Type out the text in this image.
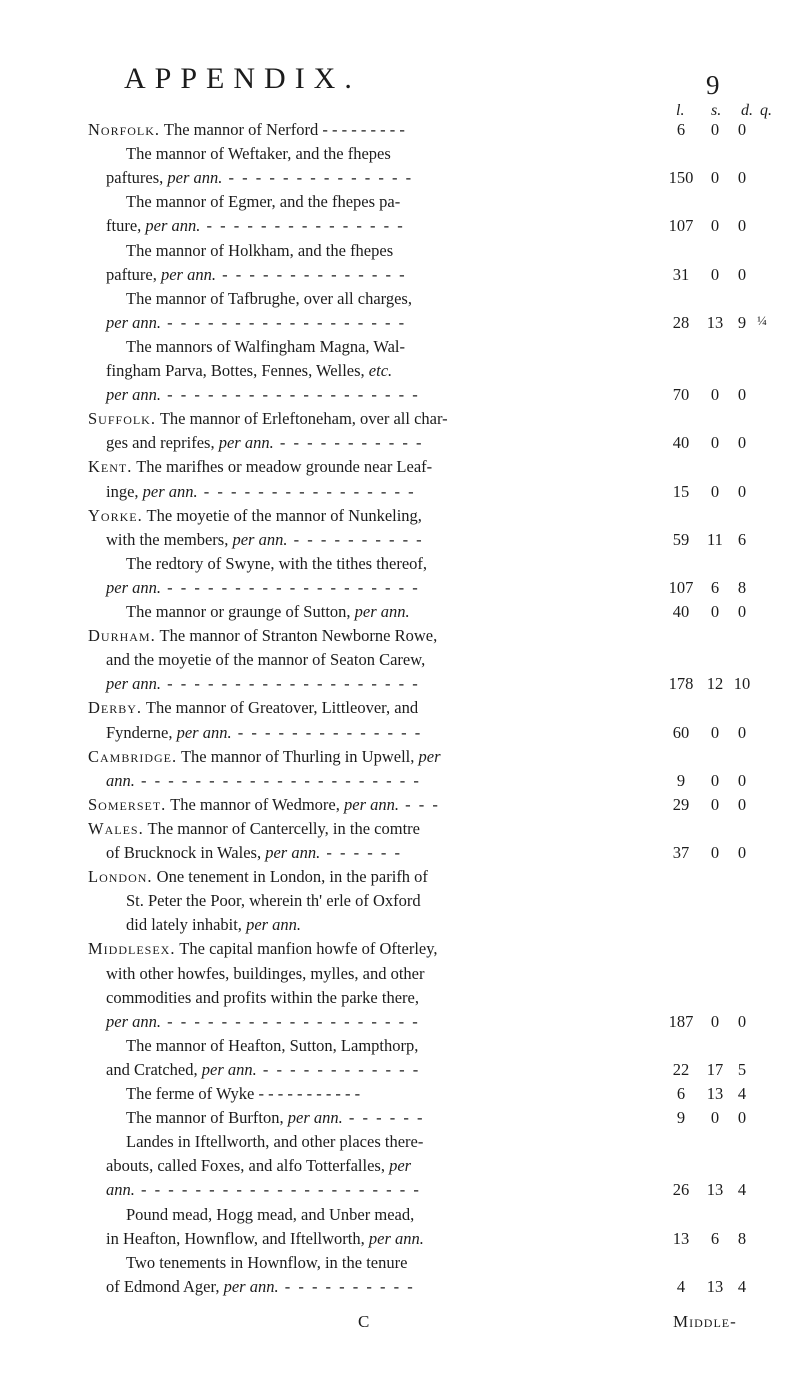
APPENDIX.	9
l. s. d. q.
Norfolk. The mannor of Nerford - - - - - - - - -	6	0	0
The mannor of Weftaker, and the fhepes
paftures, per ann. - - - - - - - - - - - - - -	150	0	0
The mannor of Egmer, and the fhepes pa-
fture, per ann. - - - - - - - - - - - - - - -	107	0	0
The mannor of Holkham, and the fhepes
pafture, per ann. - - - - - - - - - - - - - -	31	0	0
The mannor of Tafbrughe, over all charges,
per ann. - - - - - - - - - - - - - - - - - -	28	13 9 ¼
The mannors of Walfingham Magna, Wal-
fingham Parva, Bottes, Fennes, Welles, etc.
per ann. - - - - - - - - - - - - - - - - - - -	70	0	0
Suffolk. The mannor of Erleftoneham, over all char-
ges and reprifes, per ann. - - - - - - - - - - -	40	0	0
Kent. The marifhes or meadow grounde near Leaf-
inge, per ann. - - - - - - - - - - - - - - - -	15	0	0
Yorke. The moyetie of the mannor of Nunkeling,
with the members, per ann. - - - - - - - - - -	59	11 6
The redtory of Swyne, with the tithes thereof,
per ann. - - - - - - - - - - - - - - - - - - -	107	6	8
The mannor or graunge of Sutton, per ann.	40	0	0
Durham. The mannor of Stranton Newborne Rowe,
and the moyetie of the mannor of Seaton Carew,
per ann. - - - - - - - - - - - - - - - - - - -	178 12 10
Derby. The mannor of Greatover, Littleover, and
Fynderne, per ann. - - - - - - - - - - - - - -	60	0	0
Cambridge. The mannor of Thurling in Upwell, per
ann. - - - - - - - - - - - - - - - - - - - - -	9	0	0
Somerset. The mannor of Wedmore, per ann. - - -	29	0	0
Wales. The mannor of Cantercelly, in the comtre
of Brucknock in Wales, per ann. - - - - - -	37	0	0
London. One tenement in London, in the parifh of
St. Peter the Poor, wherein th' erle of Oxford
did lately inhabit, per ann.
Middlesex. The capital manfion howfe of Ofterley,
with other howfes, buildinges, mylles, and other
commodities and profits within the parke there,
per ann. - - - - - - - - - - - - - - - - - - -	187	0	0
The mannor of Heafton, Sutton, Lampthorp,
and Cratched, per ann. - - - - - - - - - - - -	22	17 5
The ferme of Wyke - - - - - - - - - - -	6	13 4
The mannor of Burfton, per ann. - - - - - -	9	0	0
Landes in Iftellworth, and other places there-
abouts, called Foxes, and alfo Totterfalles, per
ann. - - - - - - - - - - - - - - - - - - - - -	26	13 4
Pound mead, Hogg mead, and Unber mead,
in Heafton, Hownflow, and Iftellworth, per ann.	13	6	8
Two tenements in Hownflow, in the tenure
of Edmond Ager, per ann. - - - - - - - - - -	4	13 4
C	Middle-
